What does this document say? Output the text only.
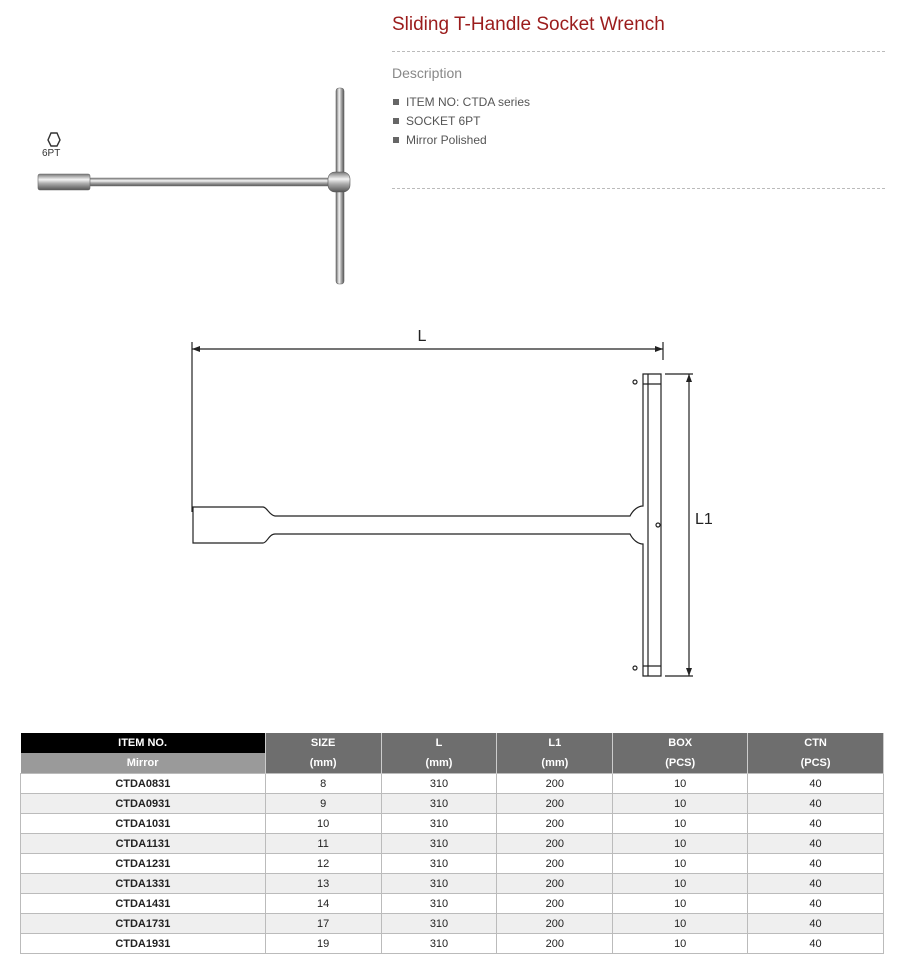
6PT
Sliding T-Handle Socket Wrench
Description
ITEM NO: CTDA series
SOCKET 6PT
Mirror Polished
L
L1
ITEM NO.	SIZE	L	L1	BOX	CTN
Mirror	(mm)	(mm)	(mm)	(PCS)	(PCS)
CTDA0831	8	310	200	10	40
CTDA0931	9	310	200	10	40
CTDA1031	10	310	200	10	40
CTDA1131	11	310	200	10	40
CTDA1231	12	310	200	10	40
CTDA1331	13	310	200	10	40
CTDA1431	14	310	200	10	40
CTDA1731	17	310	200	10	40
CTDA1931	19	310	200	10	40
